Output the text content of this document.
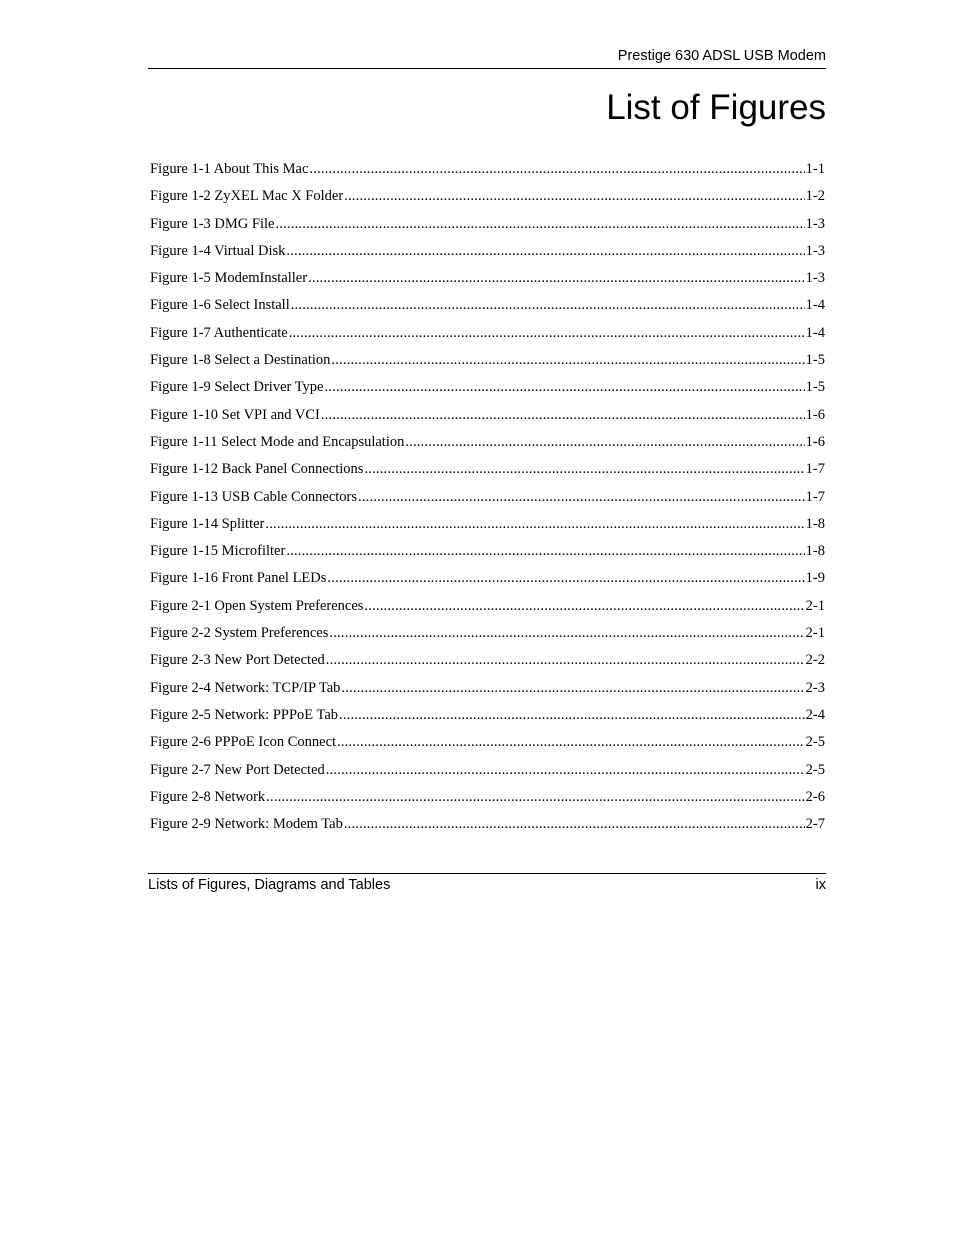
Prestige 630 ADSL USB Modem
List of Figures
Figure 1-1 About This Mac .....	1-1
Figure 1-2 ZyXEL Mac X Folder .....	1-2
Figure 1-3 DMG File .....	1-3
Figure 1-4 Virtual Disk .....	1-3
Figure 1-5 ModemInstaller .....	1-3
Figure 1-6 Select Install .....	1-4
Figure 1-7 Authenticate .....	1-4
Figure 1-8 Select a Destination .....	1-5
Figure 1-9 Select Driver Type .....	1-5
Figure 1-10 Set VPI and VCI .....	1-6
Figure 1-11 Select Mode and Encapsulation .....	1-6
Figure 1-12 Back Panel Connections .....	1-7
Figure 1-13 USB Cable Connectors .....	1-7
Figure 1-14 Splitter .....	1-8
Figure 1-15 Microfilter .....	1-8
Figure 1-16 Front Panel LEDs .....	1-9
Figure 2-1 Open System Preferences .....	2-1
Figure 2-2 System Preferences .....	2-1
Figure 2-3 New Port Detected .....	2-2
Figure 2-4 Network: TCP/IP Tab .....	2-3
Figure 2-5 Network: PPPoE Tab .....	2-4
Figure 2-6 PPPoE Icon Connect .....	2-5
Figure 2-7 New Port Detected .....	2-5
Figure 2-8 Network .....	2-6
Figure 2-9 Network: Modem Tab .....	2-7
Lists of Figures, Diagrams and Tables	ix
